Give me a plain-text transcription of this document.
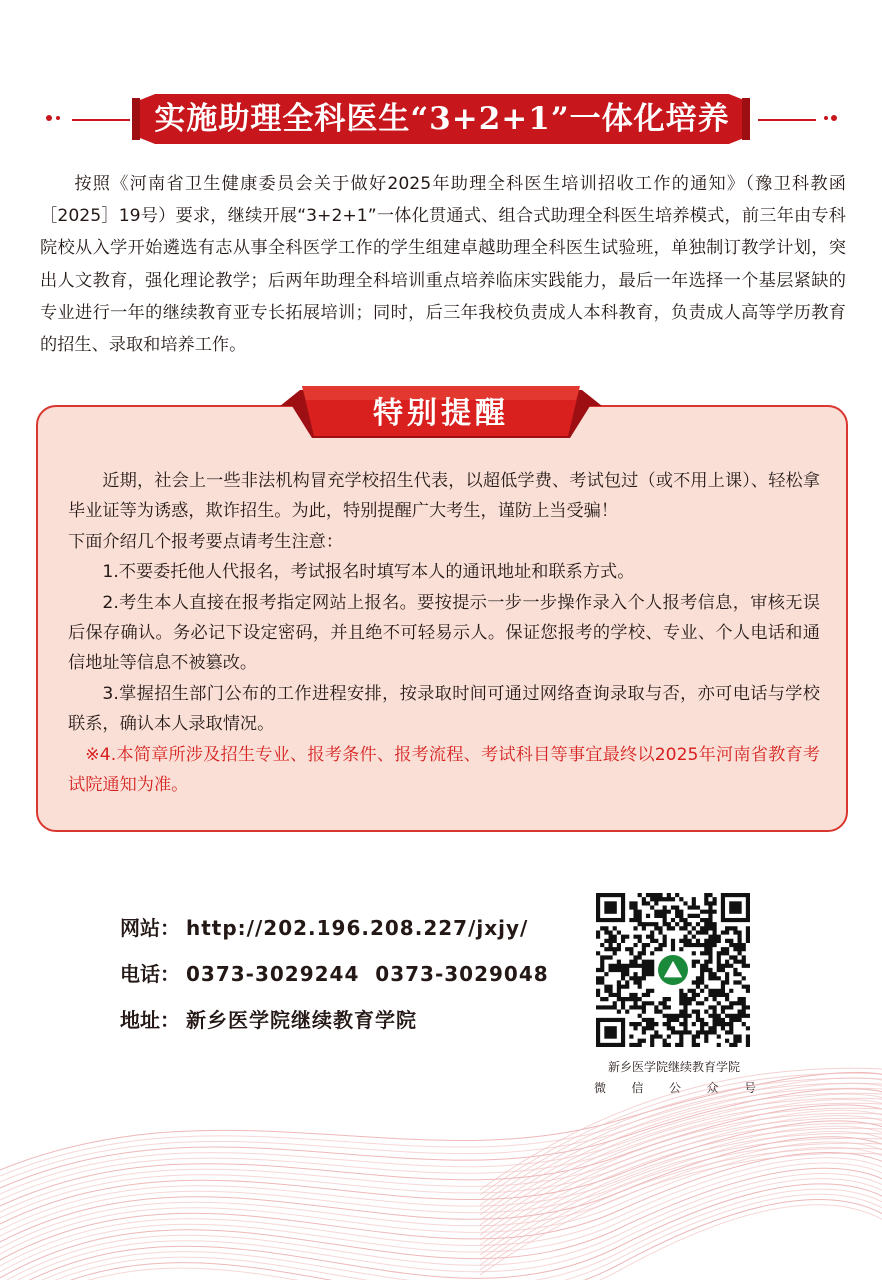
实施助理全科医生“3+2+1”一体化培养

按照《河南省卫生健康委员会关于做好2025年助理全科医生培训招收工作的通知》（豫卫科教函［2025］19号）要求，继续开展“3+2+1”一体化贯通式、组合式助理全科医生培养模式，前三年由专科院校从入学开始遴选有志从事全科医学工作的学生组建卓越助理全科医生试验班，单独制订教学计划，突出人文教育，强化理论教学；后两年助理全科培训重点培养临床实践能力，最后一年选择一个基层紧缺的专业进行一年的继续教育亚专长拓展培训；同时，后三年我校负责成人本科教育，负责成人高等学历教育的招生、录取和培养工作。

特别提醒

近期，社会上一些非法机构冒充学校招生代表，以超低学费、考试包过（或不用上课）、轻松拿毕业证等为诱惑，欺诈招生。为此，特别提醒广大考生，谨防上当受骗！

下面介绍几个报考要点请考生注意：

1.不要委托他人代报名，考试报名时填写本人的通讯地址和联系方式。

2.考生本人直接在报考指定网站上报名。要按提示一步一步操作录入个人报考信息，审核无误后保存确认。务必记下设定密码，并且绝不可轻易示人。保证您报考的学校、专业、个人电话和通信地址等信息不被篡改。

3.掌握招生部门公布的工作进程安排，按录取时间可通过网络查询录取与否，亦可电话与学校联系，确认本人录取情况。

※4.本简章所涉及招生专业、报考条件、报考流程、考试科目等事宜最终以2025年河南省教育考试院通知为准。

网站： http://202.196.208.227/jxjy/
电话： 0373-3029244  0373-3029048
地址： 新乡医学院继续教育学院
新乡医学院继续教育学院
微信公众号
